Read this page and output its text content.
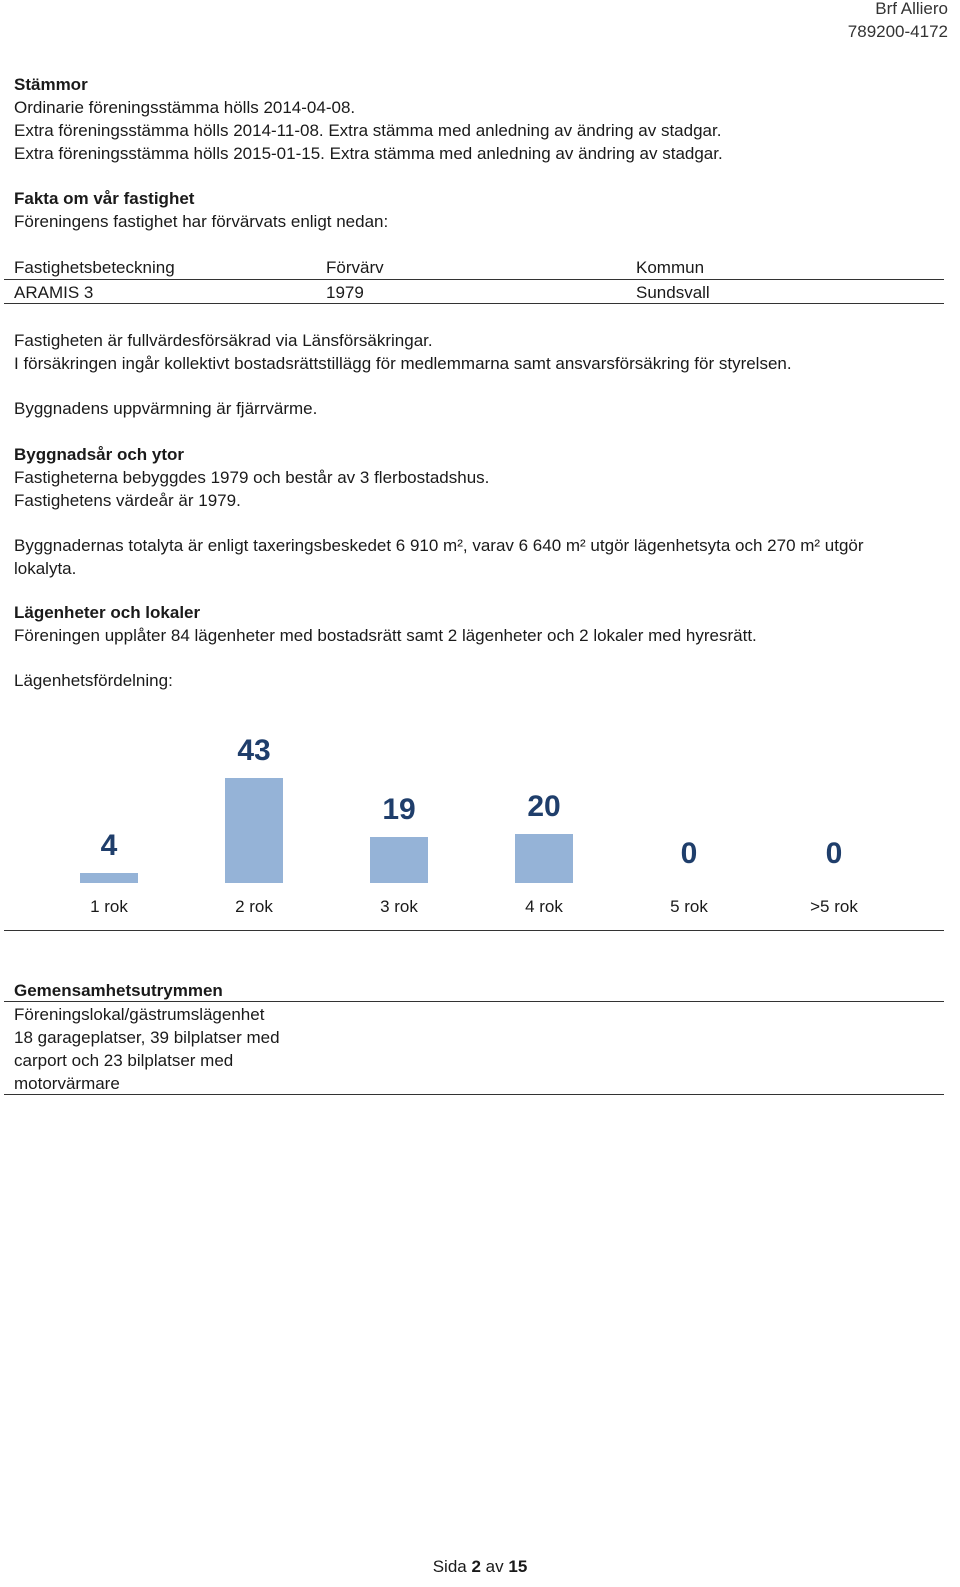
Brf Alliero
789200-4172
Stämmor
Ordinarie föreningsstämma hölls 2014-04-08.
Extra föreningsstämma hölls 2014-11-08. Extra stämma med anledning av ändring av stadgar.
Extra föreningsstämma hölls 2015-01-15. Extra stämma med anledning av ändring av stadgar.
Fakta om vår fastighet
Föreningens fastighet har förvärvats enligt nedan:
Fastighetsbeteckning	Förvärv	Kommun
ARAMIS 3	1979	Sundsvall
Fastigheten är fullvärdesförsäkrad via Länsförsäkringar.
I försäkringen ingår kollektivt bostadsrättstillägg för medlemmarna samt ansvarsförsäkring för styrelsen.
Byggnadens uppvärmning är fjärrvärme.
Byggnadsår och ytor
Fastigheterna bebyggdes 1979 och består av 3 flerbostadshus.
Fastighetens värdeår är 1979.
Byggnadernas totalyta är enligt taxeringsbeskedet 6 910 m², varav 6 640 m² utgör lägenhetsyta och 270 m² utgör
lokalyta.
Lägenheter och lokaler
Föreningen upplåter 84 lägenheter med bostadsrätt samt 2 lägenheter och 2 lokaler med hyresrätt.
Lägenhetsfördelning:
4
1 rok
43
2 rok
19
3 rok
20
4 rok
0
5 rok
0
>5 rok
Gemensamhetsutrymmen
Föreningslokal/gästrumslägenhet
18 garageplatser, 39 bilplatser med
carport och 23 bilplatser med
motorvärmare
Sida 2 av 15
